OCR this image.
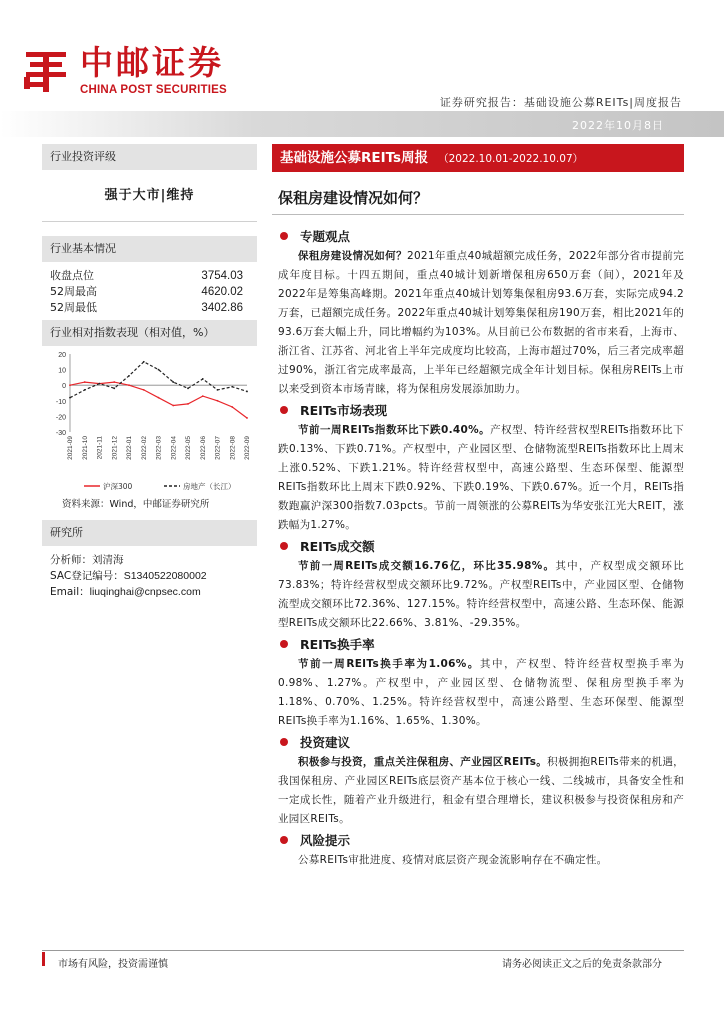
中邮证券
CHINA POST SECURITIES
证券研究报告：基础设施公募REITs|周度报告
2022年10月8日
行业投资评级
强于大市|维持
行业基本情况
收盘点位	3754.03
52周最高	4620.02
52周最低	3402.86
行业相对指数表现（相对值，%）
20
10
0
-10
-20
-30
2021-09 2021-10 2021-11 2021-12 2022-01 2022-02 2022-03 2022-04 2022-05 2022-06 2022-07 2022-08 2022-09
沪深300	房地产（长江）
资料来源：Wind，中邮证券研究所
研究所
分析师：刘清海
SAC登记编号：S1340522080002
Email：liuqinghai@cnpsec.com
基础设施公募REITs周报 （2022.10.01-2022.10.07）
保租房建设情况如何？
专题观点

保租房建设情况如何？2021年重点40城超额完成任务，2022年部分省市提前完成年度目标。十四五期间，重点40城计划新增保租房650万套（间），2021年及2022年是筹集高峰期。2021年重点40城计划筹集保租房93.6万套，实际完成94.2万套，已超额完成任务。2022年重点40城计划筹集保租房190万套，相比2021年的93.6万套大幅上升，同比增幅约为103%。从目前已公布数据的省市来看，上海市、浙江省、江苏省、河北省上半年完成度均比较高，上海市超过70%，后三者完成率超过90%，浙江省完成率最高，上半年已经超额完成全年计划目标。保租房REITs上市以来受到资本市场青睐，将为保租房发展添加助力。

REITs市场表现

节前一周REITs指数环比下跌0.40%。产权型、特许经营权型REITs指数环比下跌0.13%、下跌0.71%。产权型中，产业园区型、仓储物流型REITs指数环比上周末上涨0.52%、下跌1.21%。特许经营权型中，高速公路型、生态环保型、能源型REITs指数环比上周末下跌0.92%、下跌0.19%、下跌0.67%。近一个月，REITs指数跑赢沪深300指数7.03pcts。节前一周领涨的公募REITs为华安张江光大REIT，涨跌幅为1.27%。

REITs成交额

节前一周REITs成交额16.76亿，环比35.98%。其中，产权型成交额环比73.83%；特许经营权型成交额环比9.72%。产权型REITs中，产业园区型、仓储物流型成交额环比72.36%、127.15%。特许经营权型中，高速公路、生态环保、能源型REITs成交额环比22.66%、3.81%、-29.35%。

REITs换手率

节前一周REITs换手率为1.06%。其中，产权型、特许经营权型换手率为0.98%、1.27%。产权型中，产业园区型、仓储物流型、保租房型换手率为1.18%、0.70%、1.25%。特许经营权型中，高速公路型、生态环保型、能源型REITs换手率为1.16%、1.65%、1.30%。

投资建议

积极参与投资，重点关注保租房、产业园区REITs。积极拥抱REITs带来的机遇，我国保租房、产业园区REITs底层资产基本位于核心一线、二线城市，具备安全性和一定成长性，随着产业升级进行，租金有望合理增长，建议积极参与投资保租房和产业园区REITs。

风险提示

公募REITs审批进度、疫情对底层资产现金流影响存在不确定性。

市场有风险，投资需谨慎	请务必阅读正文之后的免责条款部分
